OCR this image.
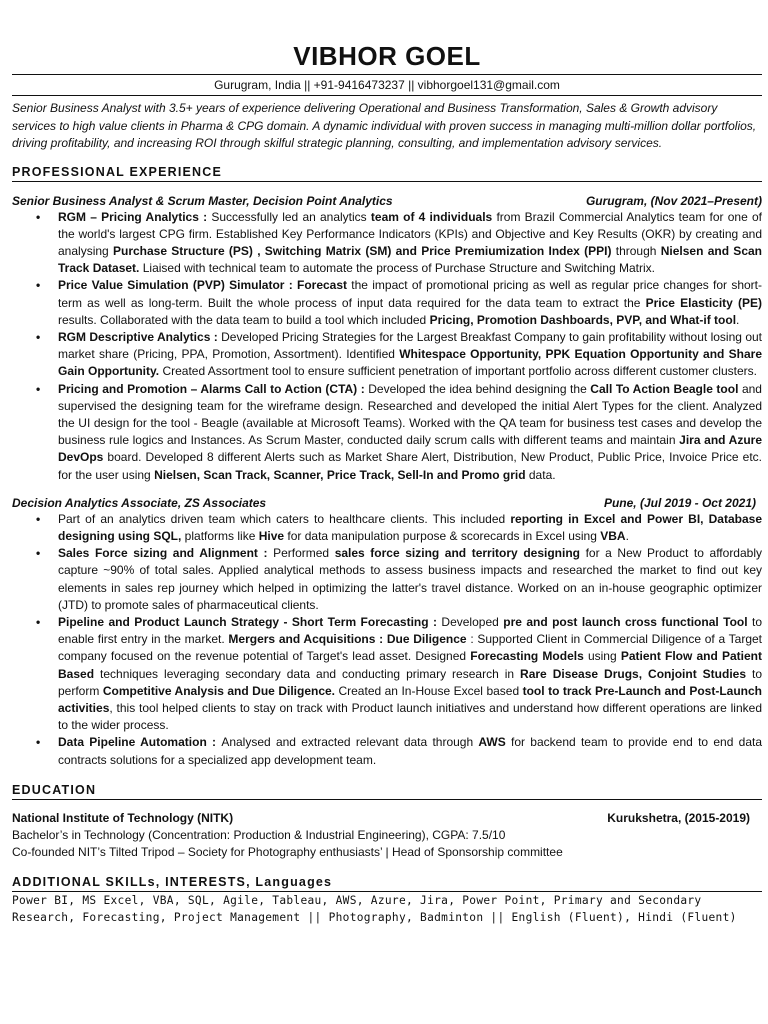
VIBHOR GOEL
Gurugram, India || +91-9416473237 || vibhorgoel131@gmail.com
Senior Business Analyst with 3.5+ years of experience delivering Operational and Business Transformation, Sales & Growth advisory services to high value clients in Pharma & CPG domain. A dynamic individual with proven success in managing multi-million dollar portfolios, driving profitability, and increasing ROI through skilful strategic planning, consulting, and implementation advisory services.
PROFESSIONAL EXPERIENCE
Senior Business Analyst & Scrum Master, Decision Point Analytics	Gurugram, (Nov 2021–Present)
• RGM – Pricing Analytics : Successfully led an analytics team of 4 individuals from Brazil Commercial Analytics team for one of the world's largest CPG firm. Established Key Performance Indicators (KPIs) and Objective and Key Results (OKR) by creating and analysing Purchase Structure (PS) , Switching Matrix (SM) and Price Premiumization Index (PPI) through Nielsen and Scan Track Dataset. Liaised with technical team to automate the process of Purchase Structure and Switching Matrix.
• Price Value Simulation (PVP) Simulator : Forecast the impact of promotional pricing as well as regular price changes for short-term as well as long-term. Built the whole process of input data required for the data team to extract the Price Elasticity (PE) results. Collaborated with the data team to build a tool which included Pricing, Promotion Dashboards, PVP, and What-if tool.
• RGM Descriptive Analytics : Developed Pricing Strategies for the Largest Breakfast Company to gain profitability without losing out market share (Pricing, PPA, Promotion, Assortment). Identified Whitespace Opportunity, PPK Equation Opportunity and Share Gain Opportunity. Created Assortment tool to ensure sufficient penetration of important portfolio across different customer clusters.
• Pricing and Promotion – Alarms Call to Action (CTA) : Developed the idea behind designing the Call To Action Beagle tool and supervised the designing team for the wireframe design. Researched and developed the initial Alert Types for the client. Analyzed the UI design for the tool - Beagle (available at Microsoft Teams). Worked with the QA team for business test cases and develop the business rule logics and Instances. As Scrum Master, conducted daily scrum calls with different teams and maintain Jira and Azure DevOps board. Developed 8 different Alerts such as Market Share Alert, Distribution, New Product, Public Price, Invoice Price etc. for the user using Nielsen, Scan Track, Scanner, Price Track, Sell-In and Promo grid data.
Decision Analytics Associate, ZS Associates	Pune, (Jul 2019 - Oct 2021)
• Part of an analytics driven team which caters to healthcare clients. This included reporting in Excel and Power BI, Database designing using SQL, platforms like Hive for data manipulation purpose & scorecards in Excel using VBA.
• Sales Force sizing and Alignment : Performed sales force sizing and territory designing for a New Product to affordably capture ~90% of total sales. Applied analytical methods to assess business impacts and researched the market to find out key elements in sales rep journey which helped in optimizing the latter's travel distance. Worked on an in-house geographic optimizer (JTD) to promote sales of pharmaceutical clients.
• Pipeline and Product Launch Strategy - Short Term Forecasting : Developed pre and post launch cross functional Tool to enable first entry in the market. Mergers and Acquisitions : Due Diligence : Supported Client in Commercial Diligence of a Target company focused on the revenue potential of Target's lead asset. Designed Forecasting Models using Patient Flow and Patient Based techniques leveraging secondary data and conducting primary research in Rare Disease Drugs, Conjoint Studies to perform Competitive Analysis and Due Diligence. Created an In-House Excel based tool to track Pre-Launch and Post-Launch activities, this tool helped clients to stay on track with Product launch initiatives and understand how different operations are linked to the wider process.
• Data Pipeline Automation : Analysed and extracted relevant data through AWS for backend team to provide end to end data contracts solutions for a specialized app development team.
EDUCATION
National Institute of Technology (NITK)	Kurukshetra, (2015-2019)
Bachelor’s in Technology (Concentration: Production & Industrial Engineering), CGPA: 7.5/10
Co-founded NIT’s Tilted Tripod – Society for Photography enthusiasts’ | Head of Sponsorship committee
ADDITIONAL SKILLs, INTERESTS, Languages
Power BI, MS Excel, VBA, SQL, Agile, Tableau, AWS, Azure, Jira, Power Point, Primary and Secondary
Research, Forecasting, Project Management || Photography, Badminton || English (Fluent), Hindi (Fluent)
